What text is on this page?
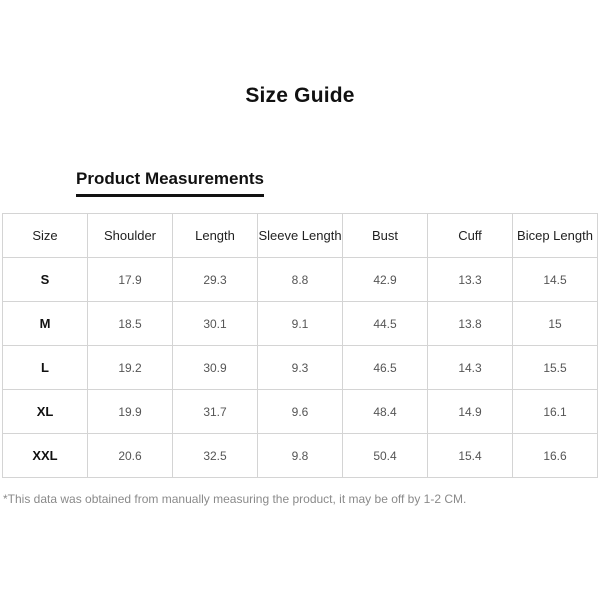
Size Guide
Product Measurements
Size	Shoulder	Length	Sleeve Length	Bust	Cuff	Bicep Length
S	17.9	29.3	8.8	42.9	13.3	14.5
M	18.5	30.1	9.1	44.5	13.8	15
L	19.2	30.9	9.3	46.5	14.3	15.5
XL	19.9	31.7	9.6	48.4	14.9	16.1
XXL	20.6	32.5	9.8	50.4	15.4	16.6
*This data was obtained from manually measuring the product, it may be off by 1-2 CM.
